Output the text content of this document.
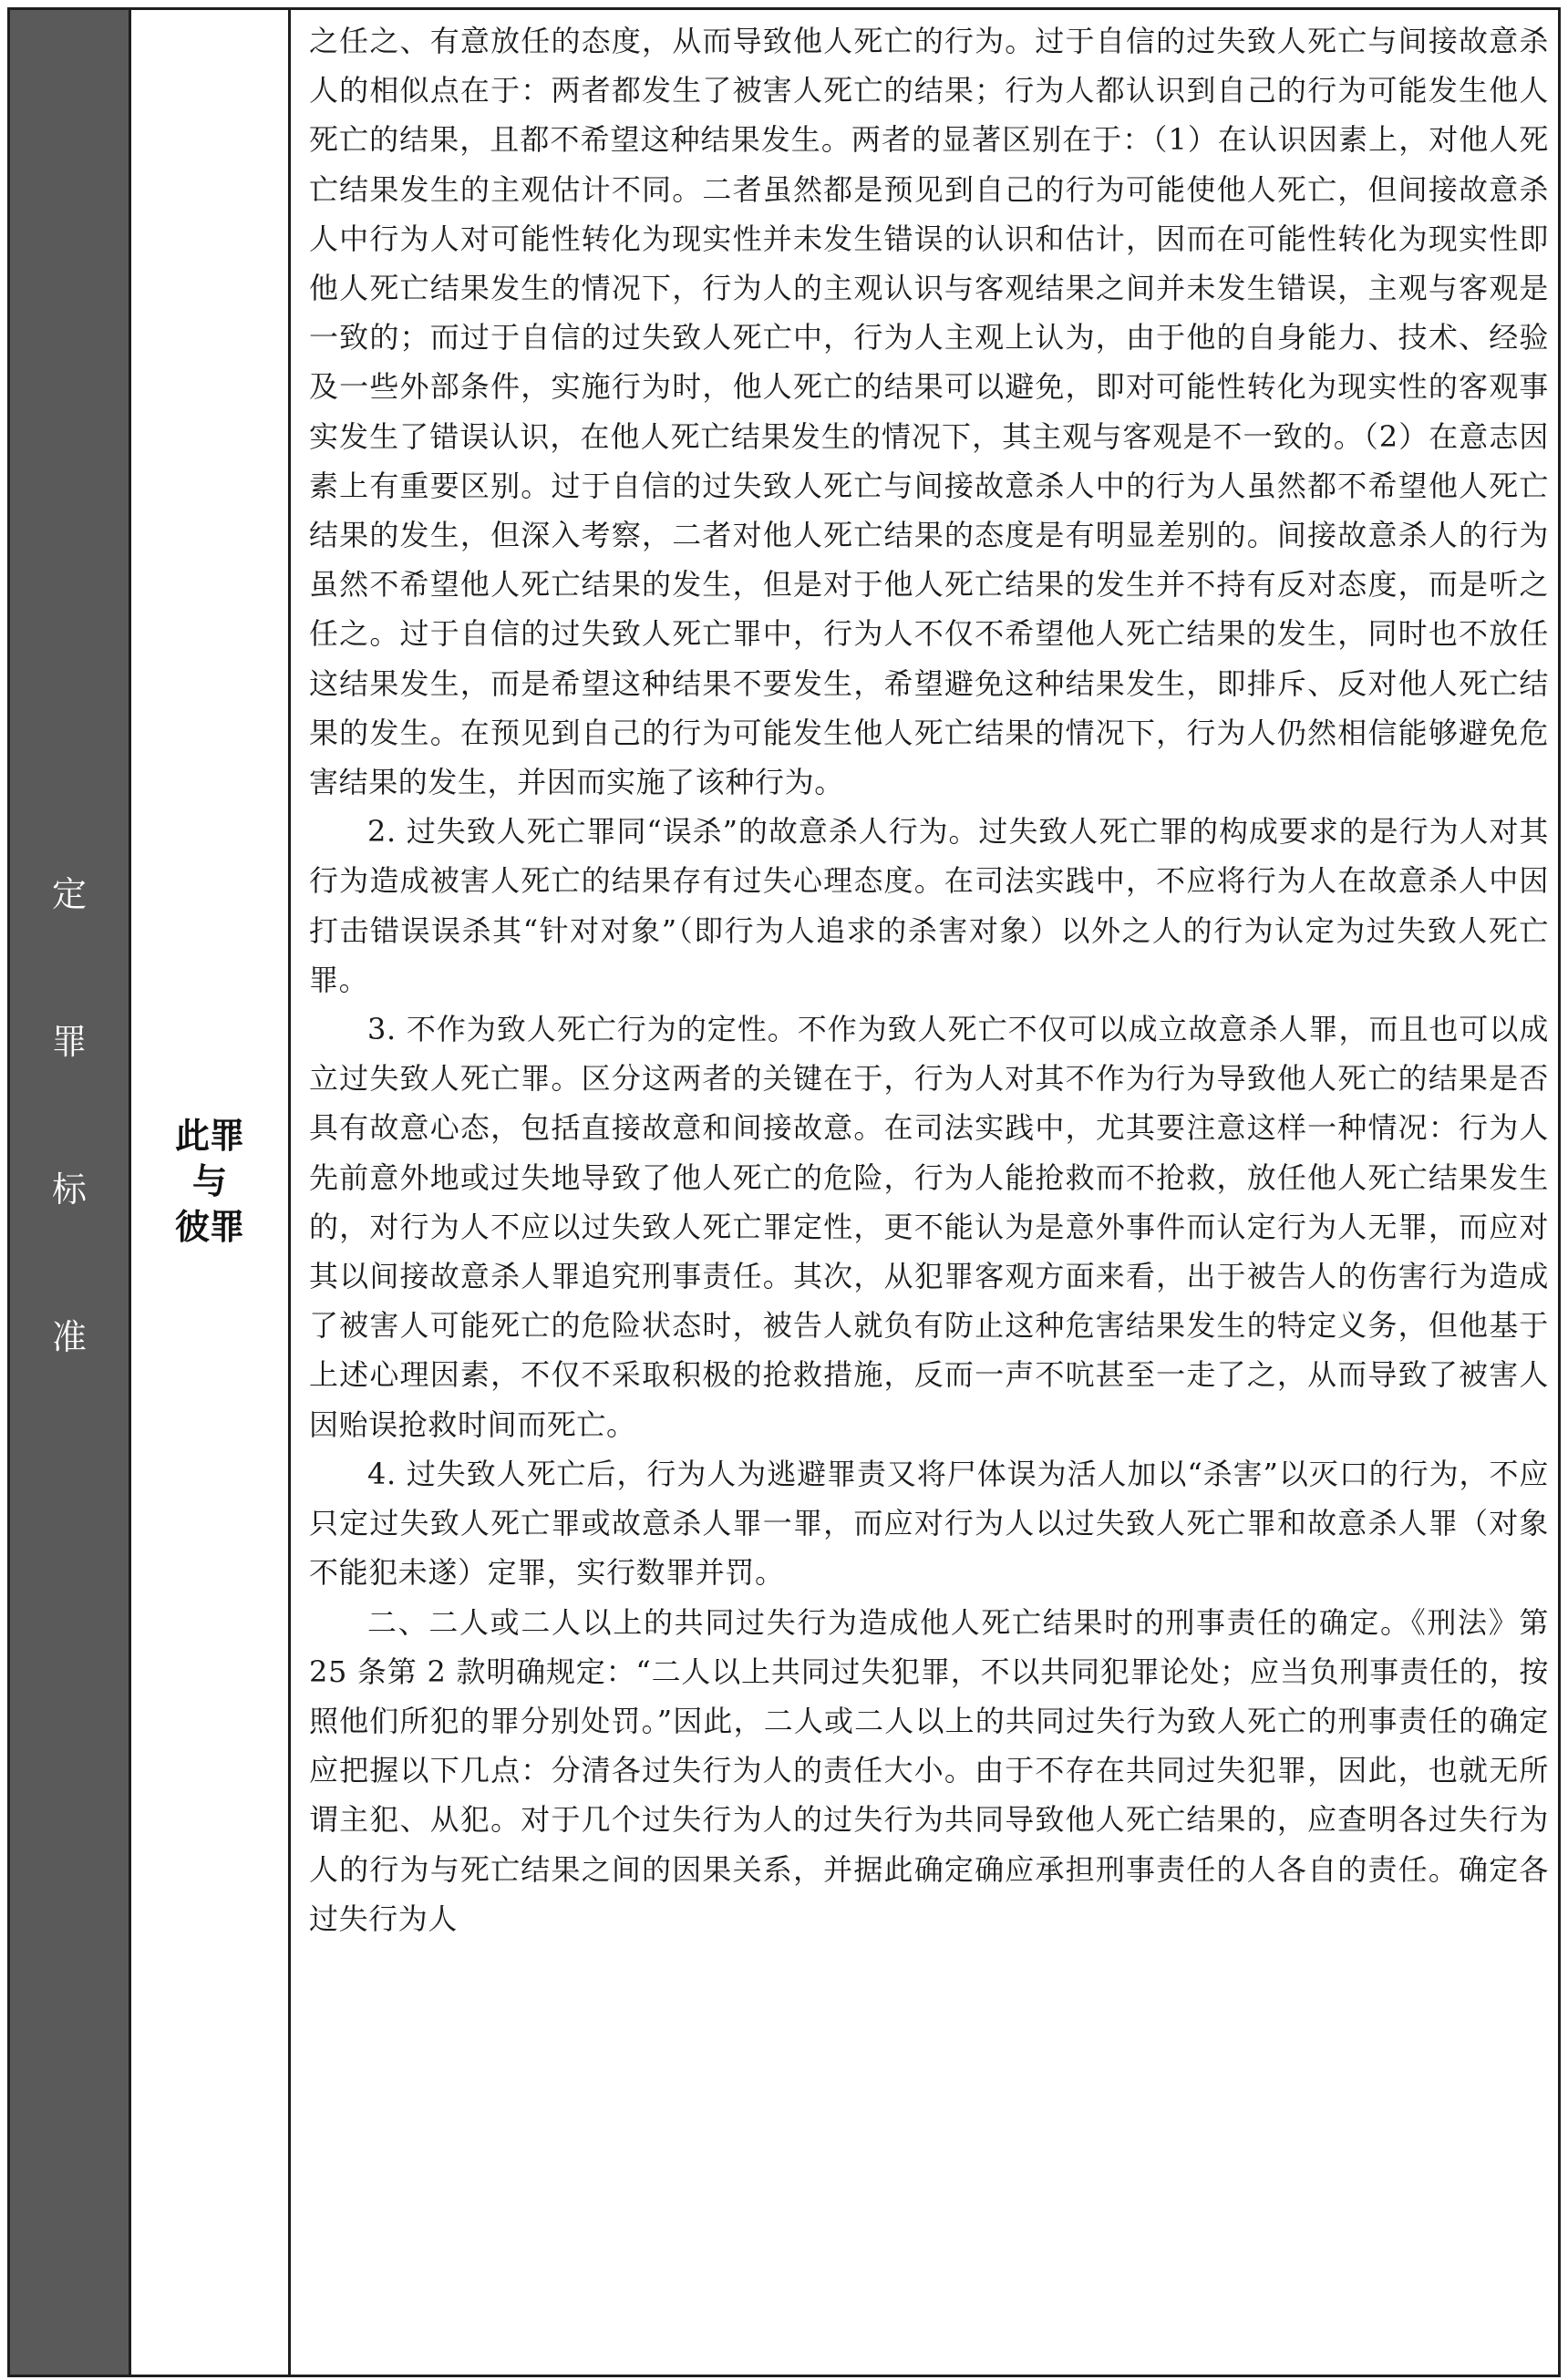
定
罪
标
准
此罪
与
彼罪

之任之、有意放任的态度，从而导致他人死亡的行为。过于自信的过失致人死亡与间接故意杀人的相似点在于：两者都发生了被害人死亡的结果；行为人都认识到自己的行为可能发生他人死亡的结果，且都不希望这种结果发生。两者的显著区别在于：（1）在认识因素上，对他人死亡结果发生的主观估计不同。二者虽然都是预见到自己的行为可能使他人死亡，但间接故意杀人中行为人对可能性转化为现实性并未发生错误的认识和估计，因而在可能性转化为现实性即他人死亡结果发生的情况下，行为人的主观认识与客观结果之间并未发生错误，主观与客观是一致的；而过于自信的过失致人死亡中，行为人主观上认为，由于他的自身能力、技术、经验及一些外部条件，实施行为时，他人死亡的结果可以避免，即对可能性转化为现实性的客观事实发生了错误认识，在他人死亡结果发生的情况下，其主观与客观是不一致的。（2）在意志因素上有重要区别。过于自信的过失致人死亡与间接故意杀人中的行为人虽然都不希望他人死亡结果的发生，但深入考察，二者对他人死亡结果的态度是有明显差别的。间接故意杀人的行为虽然不希望他人死亡结果的发生，但是对于他人死亡结果的发生并不持有反对态度，而是听之任之。过于自信的过失致人死亡罪中，行为人不仅不希望他人死亡结果的发生，同时也不放任这结果发生，而是希望这种结果不要发生，希望避免这种结果发生，即排斥、反对他人死亡结果的发生。在预见到自己的行为可能发生他人死亡结果的情况下，行为人仍然相信能够避免危害结果的发生，并因而实施了该种行为。

2. 过失致人死亡罪同“误杀”的故意杀人行为。过失致人死亡罪的构成要求的是行为人对其行为造成被害人死亡的结果存有过失心理态度。在司法实践中，不应将行为人在故意杀人中因打击错误误杀其“针对对象”（即行为人追求的杀害对象）以外之人的行为认定为过失致人死亡罪。

3. 不作为致人死亡行为的定性。不作为致人死亡不仅可以成立故意杀人罪，而且也可以成立过失致人死亡罪。区分这两者的关键在于，行为人对其不作为行为导致他人死亡的结果是否具有故意心态，包括直接故意和间接故意。在司法实践中，尤其要注意这样一种情况：行为人先前意外地或过失地导致了他人死亡的危险，行为人能抢救而不抢救，放任他人死亡结果发生的，对行为人不应以过失致人死亡罪定性，更不能认为是意外事件而认定行为人无罪，而应对其以间接故意杀人罪追究刑事责任。其次，从犯罪客观方面来看，出于被告人的伤害行为造成了被害人可能死亡的危险状态时，被告人就负有防止这种危害结果发生的特定义务，但他基于上述心理因素，不仅不采取积极的抢救措施，反而一声不吭甚至一走了之，从而导致了被害人因贻误抢救时间而死亡。

4. 过失致人死亡后，行为人为逃避罪责又将尸体误为活人加以“杀害”以灭口的行为，不应只定过失致人死亡罪或故意杀人罪一罪，而应对行为人以过失致人死亡罪和故意杀人罪（对象不能犯未遂）定罪，实行数罪并罚。

二、二人或二人以上的共同过失行为造成他人死亡结果时的刑事责任的确定。《刑法》第 25 条第 2 款明确规定：“二人以上共同过失犯罪，不以共同犯罪论处；应当负刑事责任的，按照他们所犯的罪分别处罚。”因此，二人或二人以上的共同过失行为致人死亡的刑事责任的确定应把握以下几点：分清各过失行为人的责任大小。由于不存在共同过失犯罪，因此，也就无所谓主犯、从犯。对于几个过失行为人的过失行为共同导致他人死亡结果的，应查明各过失行为人的行为与死亡结果之间的因果关系，并据此确定确应承担刑事责任的人各自的责任。确定各过失行为人
